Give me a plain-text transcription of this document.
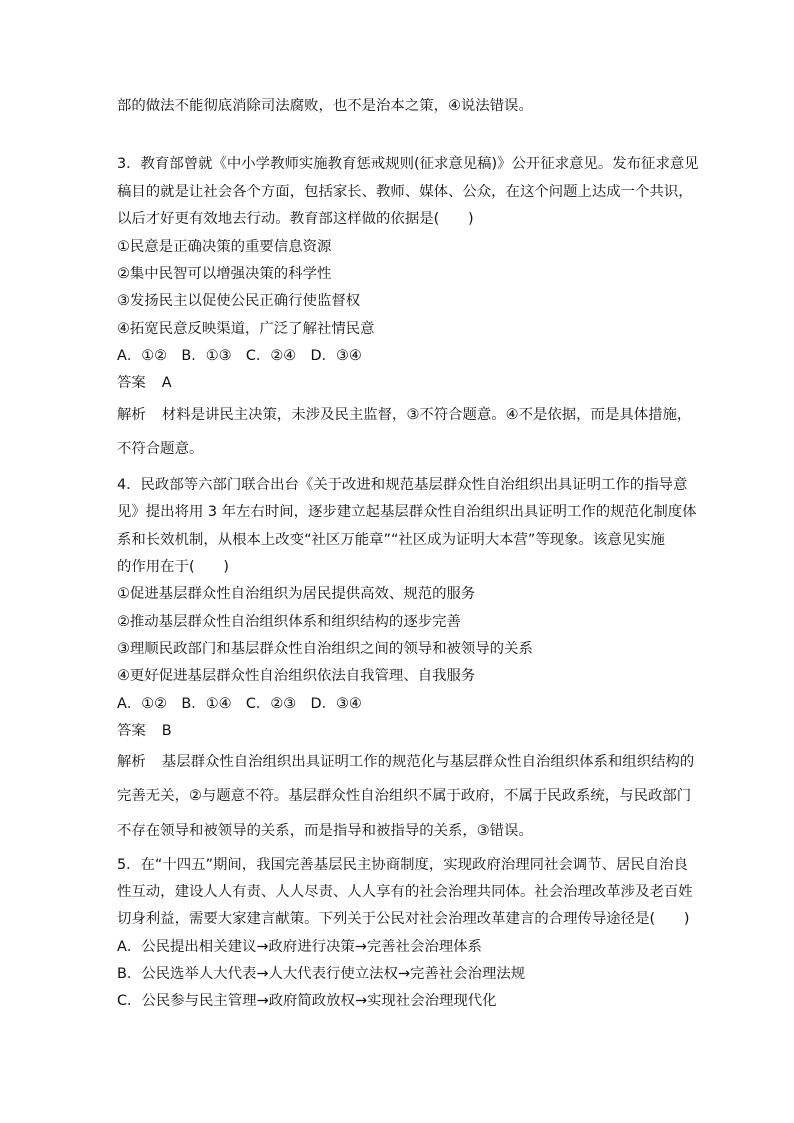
部的做法不能彻底消除司法腐败，也不是治本之策，④说法错误。
3．教育部曾就《中小学教师实施教育惩戒规则(征求意见稿)》公开征求意见。发布征求意见
稿目的就是让社会各个方面，包括家长、教师、媒体、公众，在这个问题上达成一个共识，
以后才好更有效地去行动。教育部这样做的依据是(　　)
①民意是正确决策的重要信息资源
②集中民智可以增强决策的科学性
③发扬民主以促使公民正确行使监督权
④拓宽民意反映渠道，广泛了解社情民意
A．①②　B．①③　C．②④　D．③④
答案 A
解析 材料是讲民主决策，未涉及民主监督，③不符合题意。④不是依据，而是具体措施，
不符合题意。
4．民政部等六部门联合出台《关于改进和规范基层群众性自治组织出具证明工作的指导意
见》提出将用 3 年左右时间，逐步建立起基层群众性自治组织出具证明工作的规范化制度体
系和长效机制，从根本上改变“社区万能章”“社区成为证明大本营”等现象。该意见实施
的作用在于(　　)
①促进基层群众性自治组织为居民提供高效、规范的服务
②推动基层群众性自治组织体系和组织结构的逐步完善
③理顺民政部门和基层群众性自治组织之间的领导和被领导的关系
④更好促进基层群众性自治组织依法自我管理、自我服务
A．①②　B．①④　C．②③　D．③④
答案 B
解析 基层群众性自治组织出具证明工作的规范化与基层群众性自治组织体系和组织结构的
完善无关，②与题意不符。基层群众性自治组织不属于政府，不属于民政系统，与民政部门
不存在领导和被领导的关系，而是指导和被指导的关系，③错误。
5．在“十四五”期间，我国完善基层民主协商制度，实现政府治理同社会调节、居民自治良
性互动，建设人人有责、人人尽责、人人享有的社会治理共同体。社会治理改革涉及老百姓
切身利益，需要大家建言献策。下列关于公民对社会治理改革建言的合理传导途径是(　　)
A．公民提出相关建议→政府进行决策→完善社会治理体系
B．公民选举人大代表→人大代表行使立法权→完善社会治理法规
C．公民参与民主管理→政府简政放权→实现社会治理现代化
